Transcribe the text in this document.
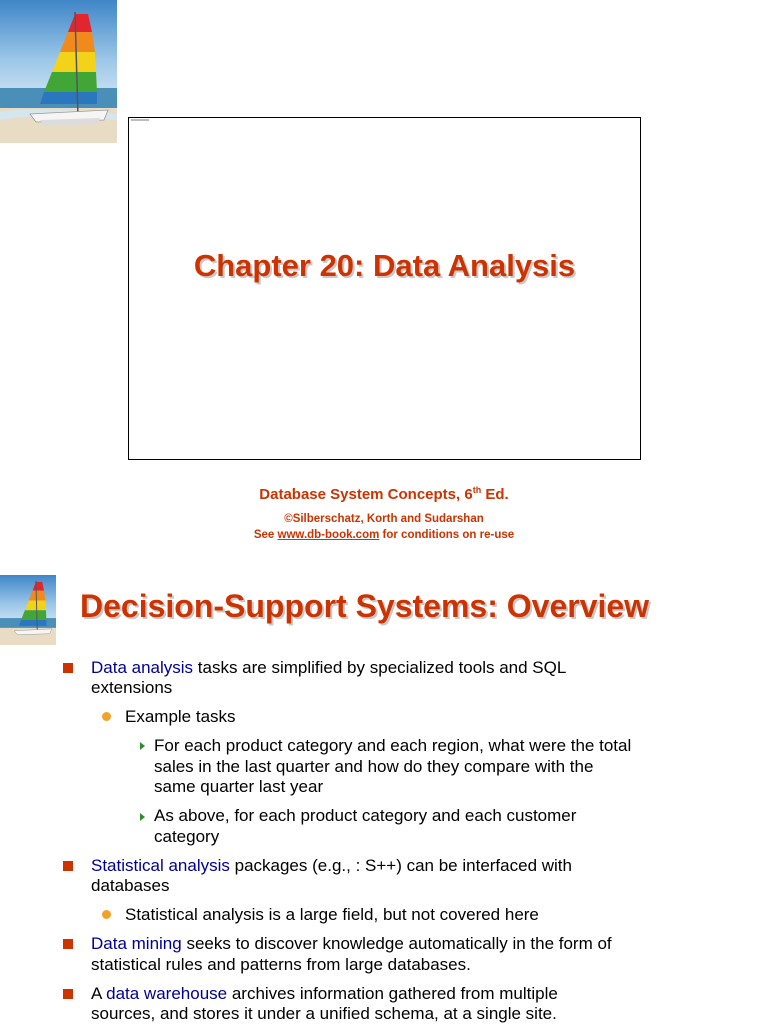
Chapter 20: Data Analysis
Database System Concepts, 6th Ed.
©Silberschatz, Korth and Sudarshan
See www.db-book.com for conditions on re-use
Decision-Support Systems: Overview
Data analysis tasks are simplified by specialized tools and SQL
extensions
Example tasks
For each product category and each region, what were the total
sales in the last quarter and how do they compare with the
same quarter last year
As above, for each product category and each customer
category
Statistical analysis packages (e.g., : S++) can be interfaced with
databases
Statistical analysis is a large field, but not covered here
Data mining seeks to discover knowledge automatically in the form of
statistical rules and patterns from large databases.
A data warehouse archives information gathered from multiple
sources, and stores it under a unified schema, at a single site.
